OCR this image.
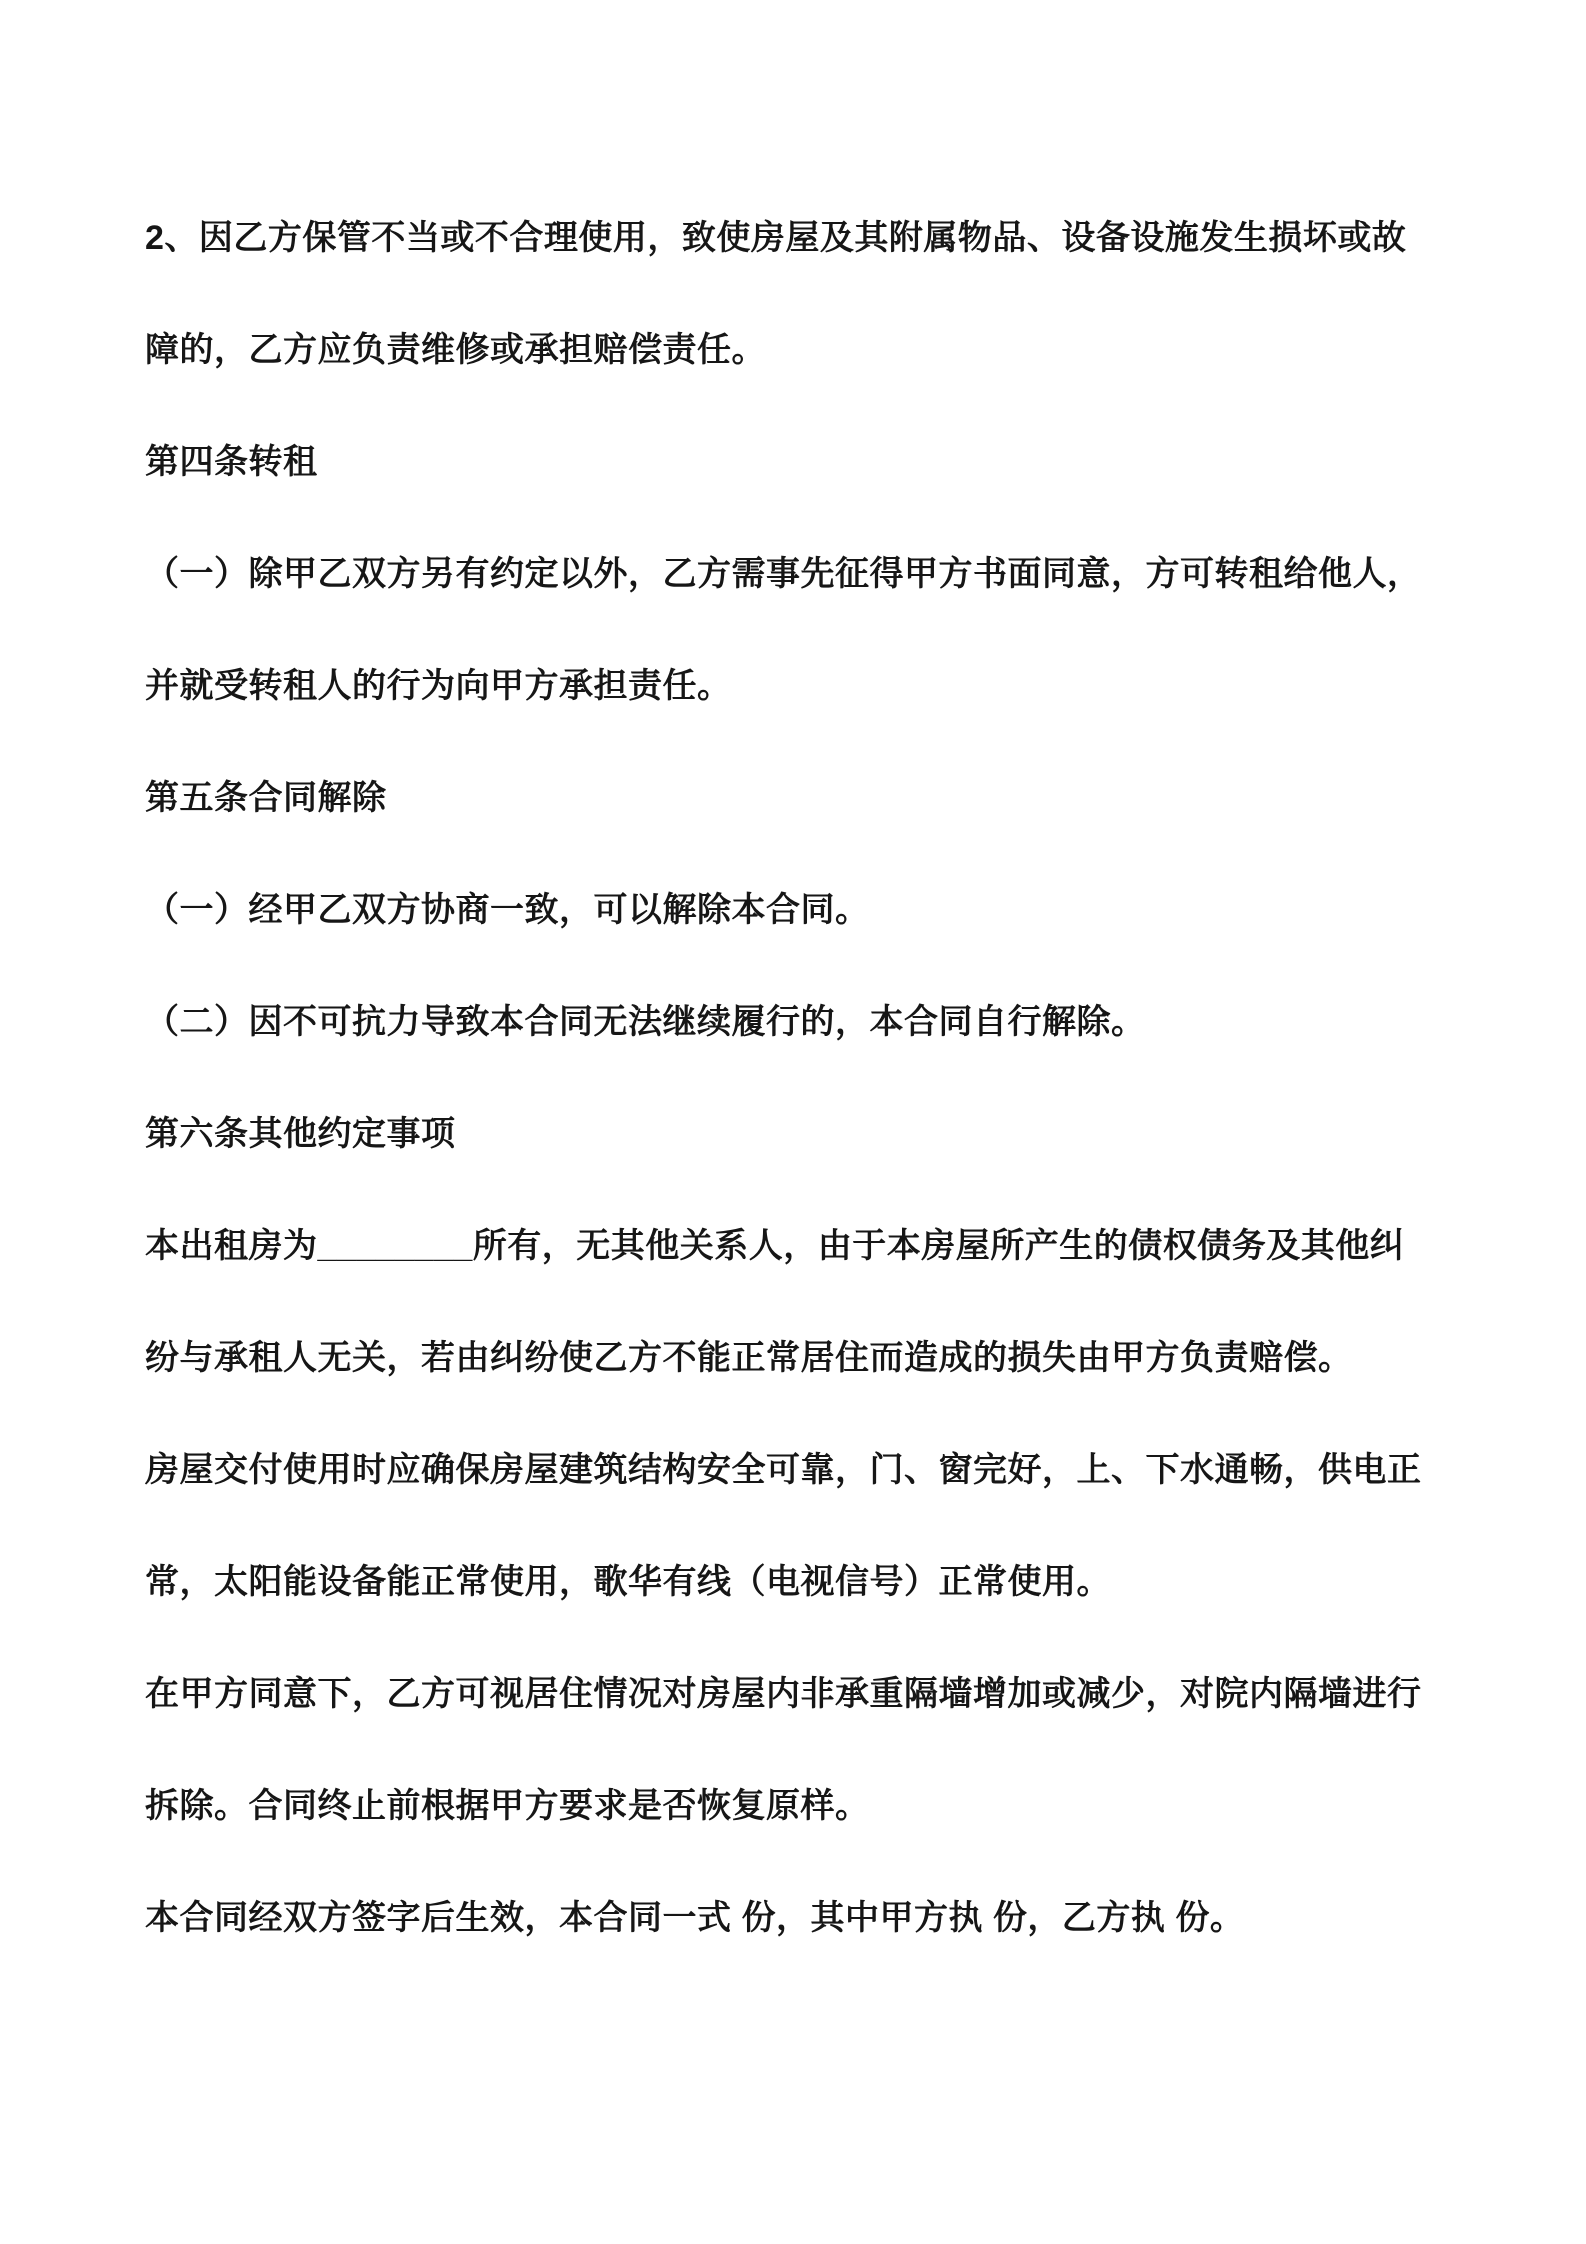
2、因乙方保管不当或不合理使用，致使房屋及其附属物品、设备设施发生损坏或故
障的，乙方应负责维修或承担赔偿责任。
第四条转租
（一）除甲乙双方另有约定以外，乙方需事先征得甲方书面同意，方可转租给他人，
并就受转租人的行为向甲方承担责任。
第五条合同解除
（一）经甲乙双方协商一致，可以解除本合同。
（二）因不可抗力导致本合同无法继续履行的，本合同自行解除。
第六条其他约定事项
本出租房为________所有，无其他关系人，由于本房屋所产生的债权债务及其他纠
纷与承租人无关，若由纠纷使乙方不能正常居住而造成的损失由甲方负责赔偿。
房屋交付使用时应确保房屋建筑结构安全可靠，门、窗完好，上、下水通畅，供电正
常，太阳能设备能正常使用，歌华有线（电视信号）正常使用。
在甲方同意下，乙方可视居住情况对房屋内非承重隔墙增加或减少，对院内隔墙进行
拆除。合同终止前根据甲方要求是否恢复原样。
本合同经双方签字后生效，本合同一式 份，其中甲方执 份，乙方执 份。
